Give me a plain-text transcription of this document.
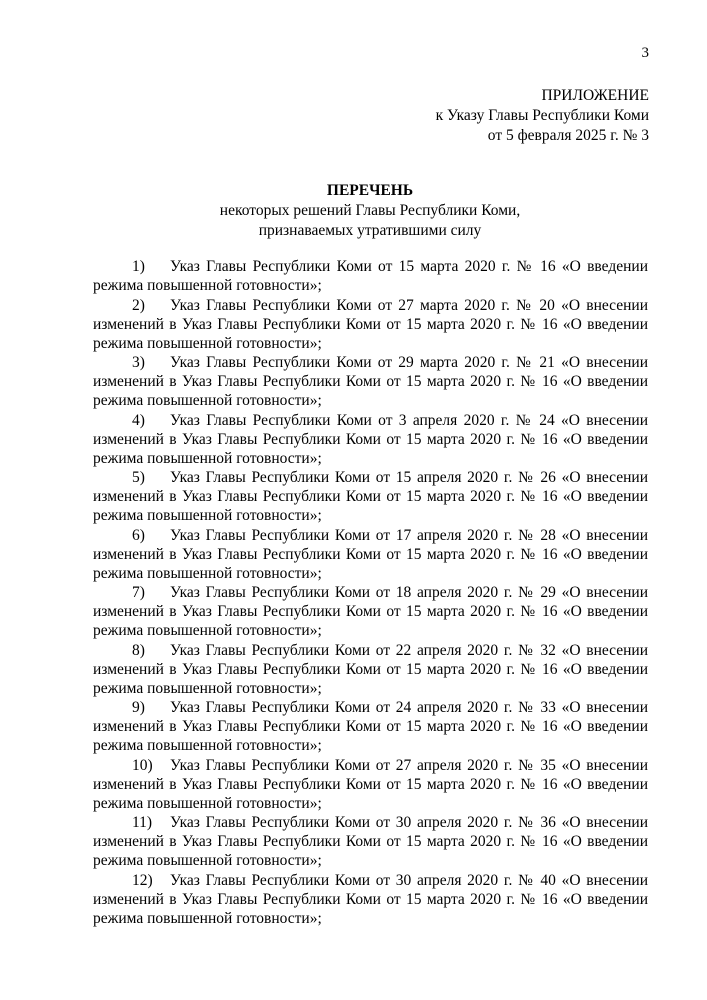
3
ПРИЛОЖЕНИЕ
к Указу Главы Республики Коми
от 5 февраля 2025 г. № 3
ПЕРЕЧЕНЬ
некоторых решений Главы Республики Коми,
признаваемых утратившими силу

1) Указ Главы Республики Коми от 15 марта 2020 г. № 16 «О введении режима повышенной готовности»;

2) Указ Главы Республики Коми от 27 марта 2020 г. № 20 «О внесении изменений в Указ Главы Республики Коми от 15 марта 2020 г. № 16 «О введении режима повышенной готовности»;

3) Указ Главы Республики Коми от 29 марта 2020 г. № 21 «О внесении изменений в Указ Главы Республики Коми от 15 марта 2020 г. № 16 «О введении режима повышенной готовности»;

4) Указ Главы Республики Коми от 3 апреля 2020 г. № 24 «О внесении изменений в Указ Главы Республики Коми от 15 марта 2020 г. № 16 «О введении режима повышенной готовности»;

5) Указ Главы Республики Коми от 15 апреля 2020 г. № 26 «О внесении изменений в Указ Главы Республики Коми от 15 марта 2020 г. № 16 «О введении режима повышенной готовности»;

6) Указ Главы Республики Коми от 17 апреля 2020 г. № 28 «О внесении изменений в Указ Главы Республики Коми от 15 марта 2020 г. № 16 «О введении режима повышенной готовности»;

7) Указ Главы Республики Коми от 18 апреля 2020 г. № 29 «О внесении изменений в Указ Главы Республики Коми от 15 марта 2020 г. № 16 «О введении режима повышенной готовности»;

8) Указ Главы Республики Коми от 22 апреля 2020 г. № 32 «О внесении изменений в Указ Главы Республики Коми от 15 марта 2020 г. № 16 «О введении режима повышенной готовности»;

9) Указ Главы Республики Коми от 24 апреля 2020 г. № 33 «О внесении изменений в Указ Главы Республики Коми от 15 марта 2020 г. № 16 «О введении режима повышенной готовности»;

10) Указ Главы Республики Коми от 27 апреля 2020 г. № 35 «О внесении изменений в Указ Главы Республики Коми от 15 марта 2020 г. № 16 «О введении режима повышенной готовности»;

11) Указ Главы Республики Коми от 30 апреля 2020 г. № 36 «О внесении изменений в Указ Главы Республики Коми от 15 марта 2020 г. № 16 «О введении режима повышенной готовности»;

12) Указ Главы Республики Коми от 30 апреля 2020 г. № 40 «О внесении изменений в Указ Главы Республики Коми от 15 марта 2020 г. № 16 «О введении режима повышенной готовности»;
